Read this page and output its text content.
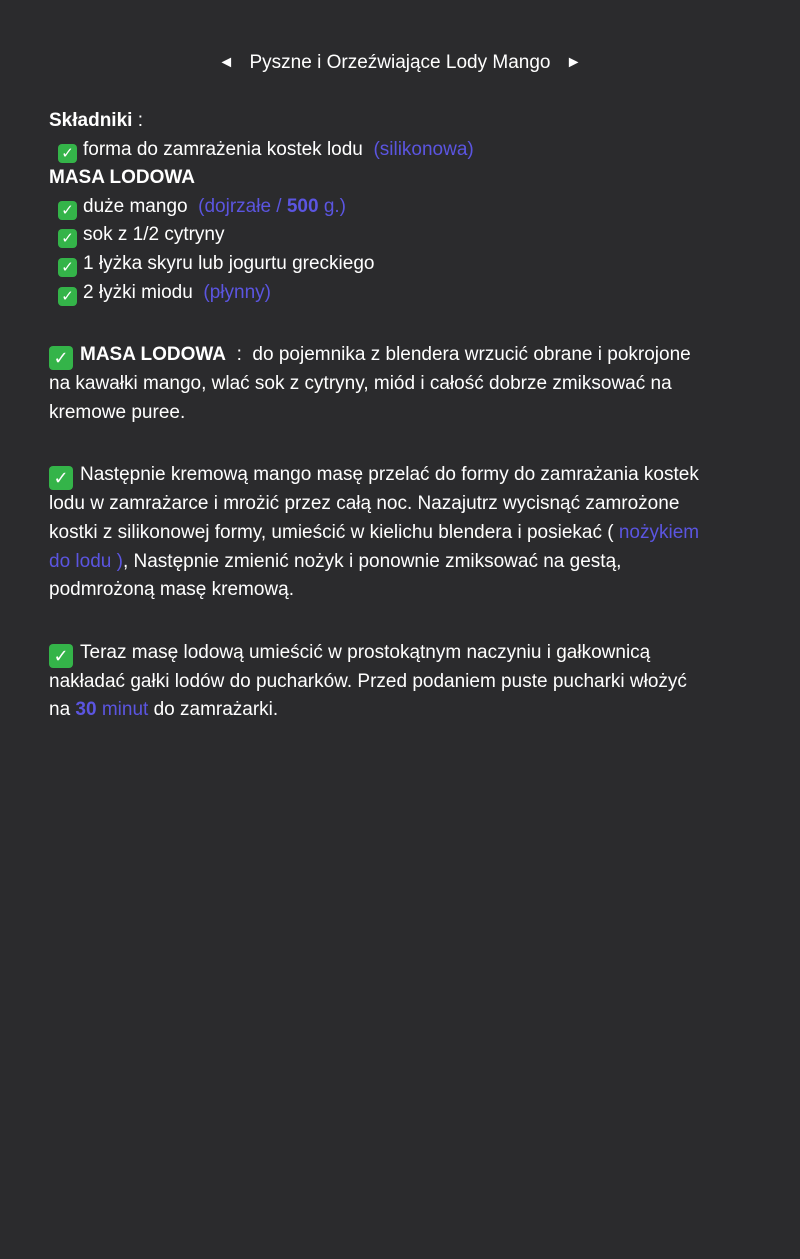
◄ Pyszne i Orzeźwiające Lody Mango ►
Składniki :
✓ forma do zamrażenia kostek lodu (silikonowa)
MASA LODOWA
✓ duże mango (dojrzałe / 500 g.)
✓ sok z 1/2 cytryny
✓ 1 łyżka skyru lub jogurtu greckiego
✓ 2 łyżki miodu (płynny)
✓ MASA LODOWA  :  do pojemnika z blendera wrzucić obrane i pokrojone
na kawałki mango, wlać sok z cytryny, miód i całość dobrze zmiksować na
kremowe puree.
✓ Następnie kremową mango masę przelać do formy do zamrażania kostek
lodu w zamrażarce i mrożić przez całą noc. Nazajutrz wycisnąć zamrożone
kostki z silikonowej formy, umieścić w kielichu blendera i posiekać ( nożykiem
do lodu ), Następnie zmienić nożyk i ponownie zmiksować na gestą,
podmrożoną masę kremową.
✓ Teraz masę lodową umieścić w prostokątnym naczyniu i gałkownicą
nakładać gałki lodów do pucharków. Przed podaniem puste pucharki włożyć
na 30 minut do zamrażarki.
